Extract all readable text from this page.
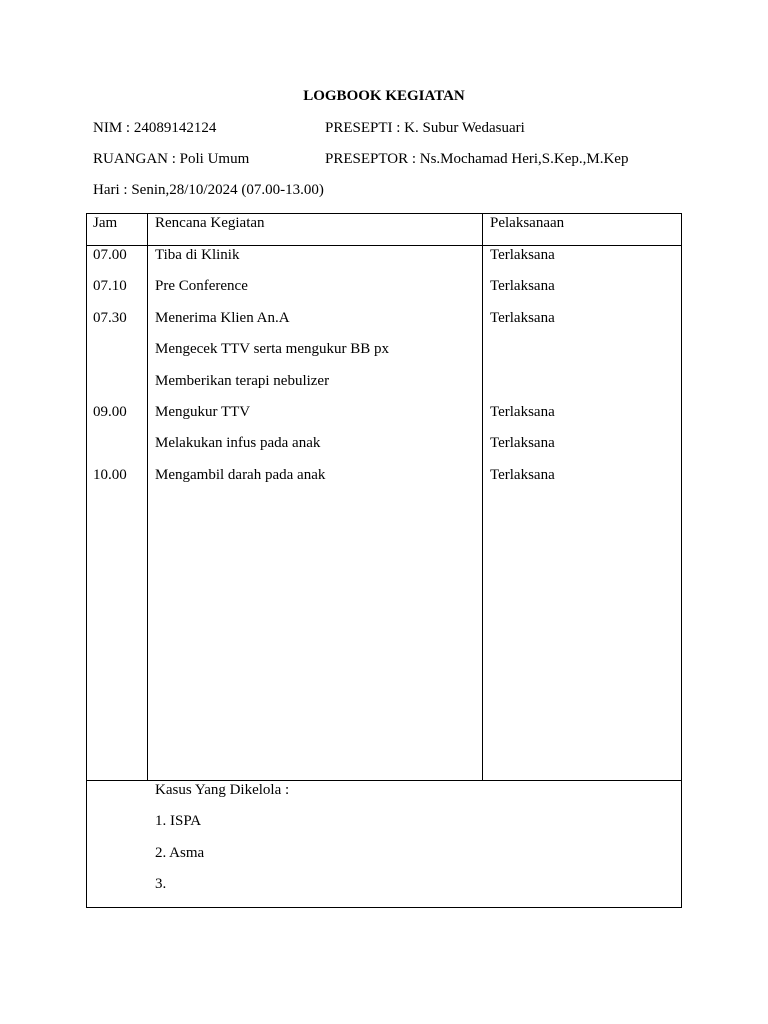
LOGBOOK KEGIATAN
NIM : 24089142124	PRESEPTI : K. Subur Wedasuari
RUANGAN : Poli Umum	PRESEPTOR : Ns.Mochamad Heri,S.Kep.,M.Kep
Hari : Senin,28/10/2024 (07.00-13.00)
Jam	Rencana Kegiatan	Pelaksanaan
07.00 Tiba di Klinik	Terlaksana
07.10 Pre Conference	Terlaksana
07.30 Menerima Klien An.A	Terlaksana
Mengecek TTV serta mengukur BB px
Memberikan terapi nebulizer
09.00 Mengukur TTV	Terlaksana
Melakukan infus pada anak	Terlaksana
10.00 Mengambil darah pada anak	Terlaksana
Kasus Yang Dikelola :
1. ISPA
2. Asma
3.
